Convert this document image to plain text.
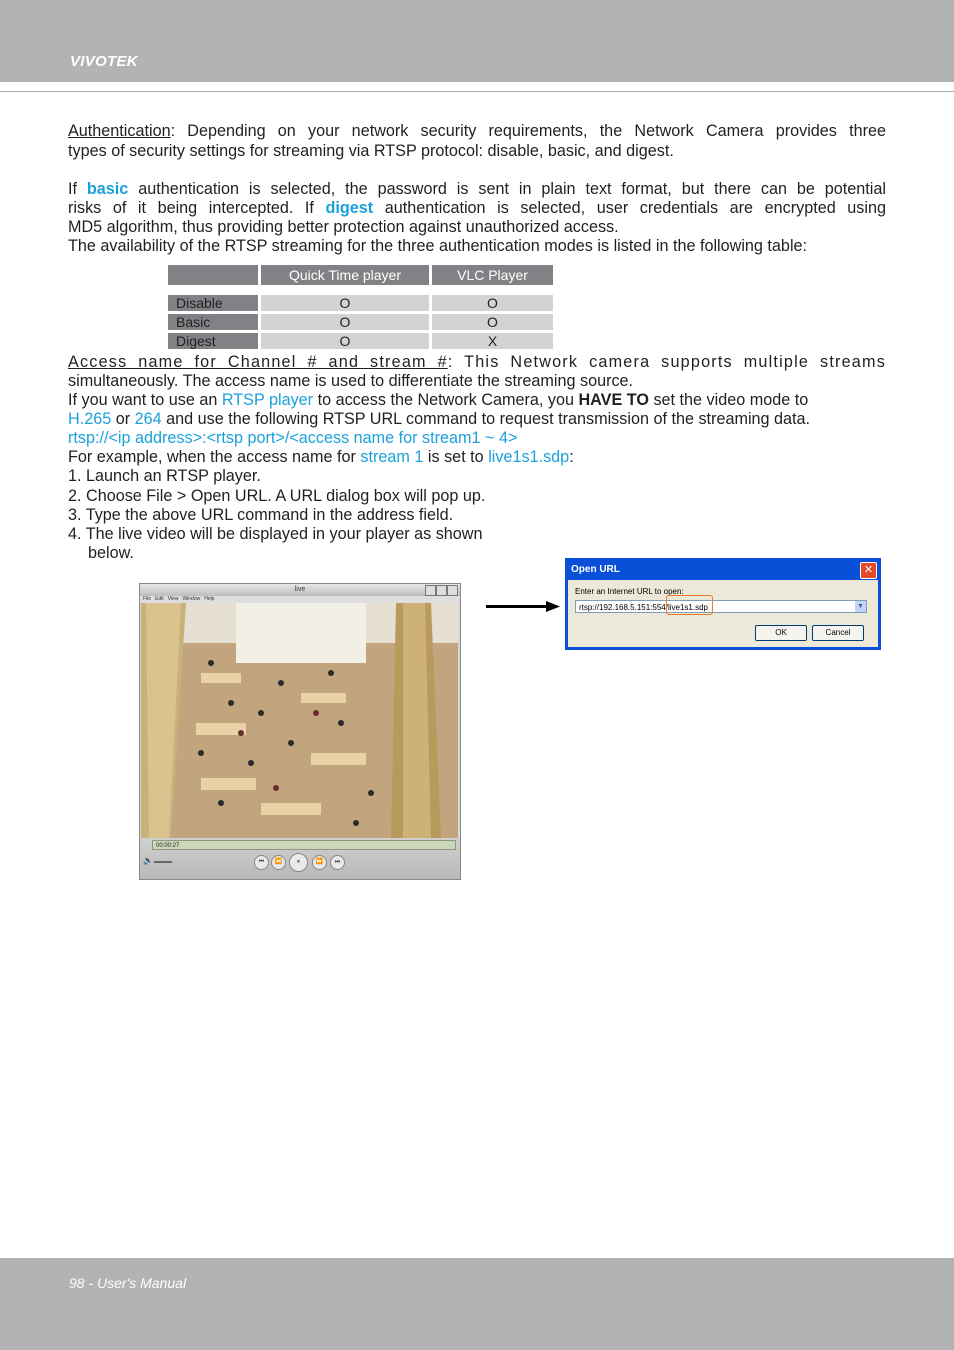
VIVOTEK
Authentication: Depending on your network security requirements, the Network Camera provides three
types of security settings for streaming via RTSP protocol: disable, basic, and digest.
If basic authentication is selected, the password is sent in plain text format, but there can be potential
risks of it being intercepted. If digest authentication is selected, user credentials are encrypted using
MD5 algorithm, thus providing better protection against unauthorized access.
The availability of the RTSP streaming for the three authentication modes is listed in the following table:
	Quick Time player	VLC Player

Disable	O	O
Basic	O	O
Digest	O	X
Access name for Channel # and stream #: This Network camera supports multiple streams
simultaneously. The access name is used to differentiate the streaming source.
If you want to use an RTSP player to access the Network Camera, you HAVE TO set the video mode to
H.265 or 264 and use the following RTSP URL command to request transmission of the streaming data.
rtsp://<ip address>:<rtsp port>/<access name for stream1 ~ 4>
For example, when the access name for stream 1 is set to live1s1.sdp:
1. Launch an RTSP player.
2. Choose File > Open URL. A URL dialog box will pop up.
3. Type the above URL command in the address field.
4. The live video will be displayed in your player as shown
below.
live
File Edit View Window Help
00:00:27
🔈	⏮	⏪	⏸	⏩	⏭
Open URL	✕
Enter an Internet URL to open:
rtsp://192.168.5.151:554/live1s1.sdp	▼
OK	Cancel
98 - User's Manual
